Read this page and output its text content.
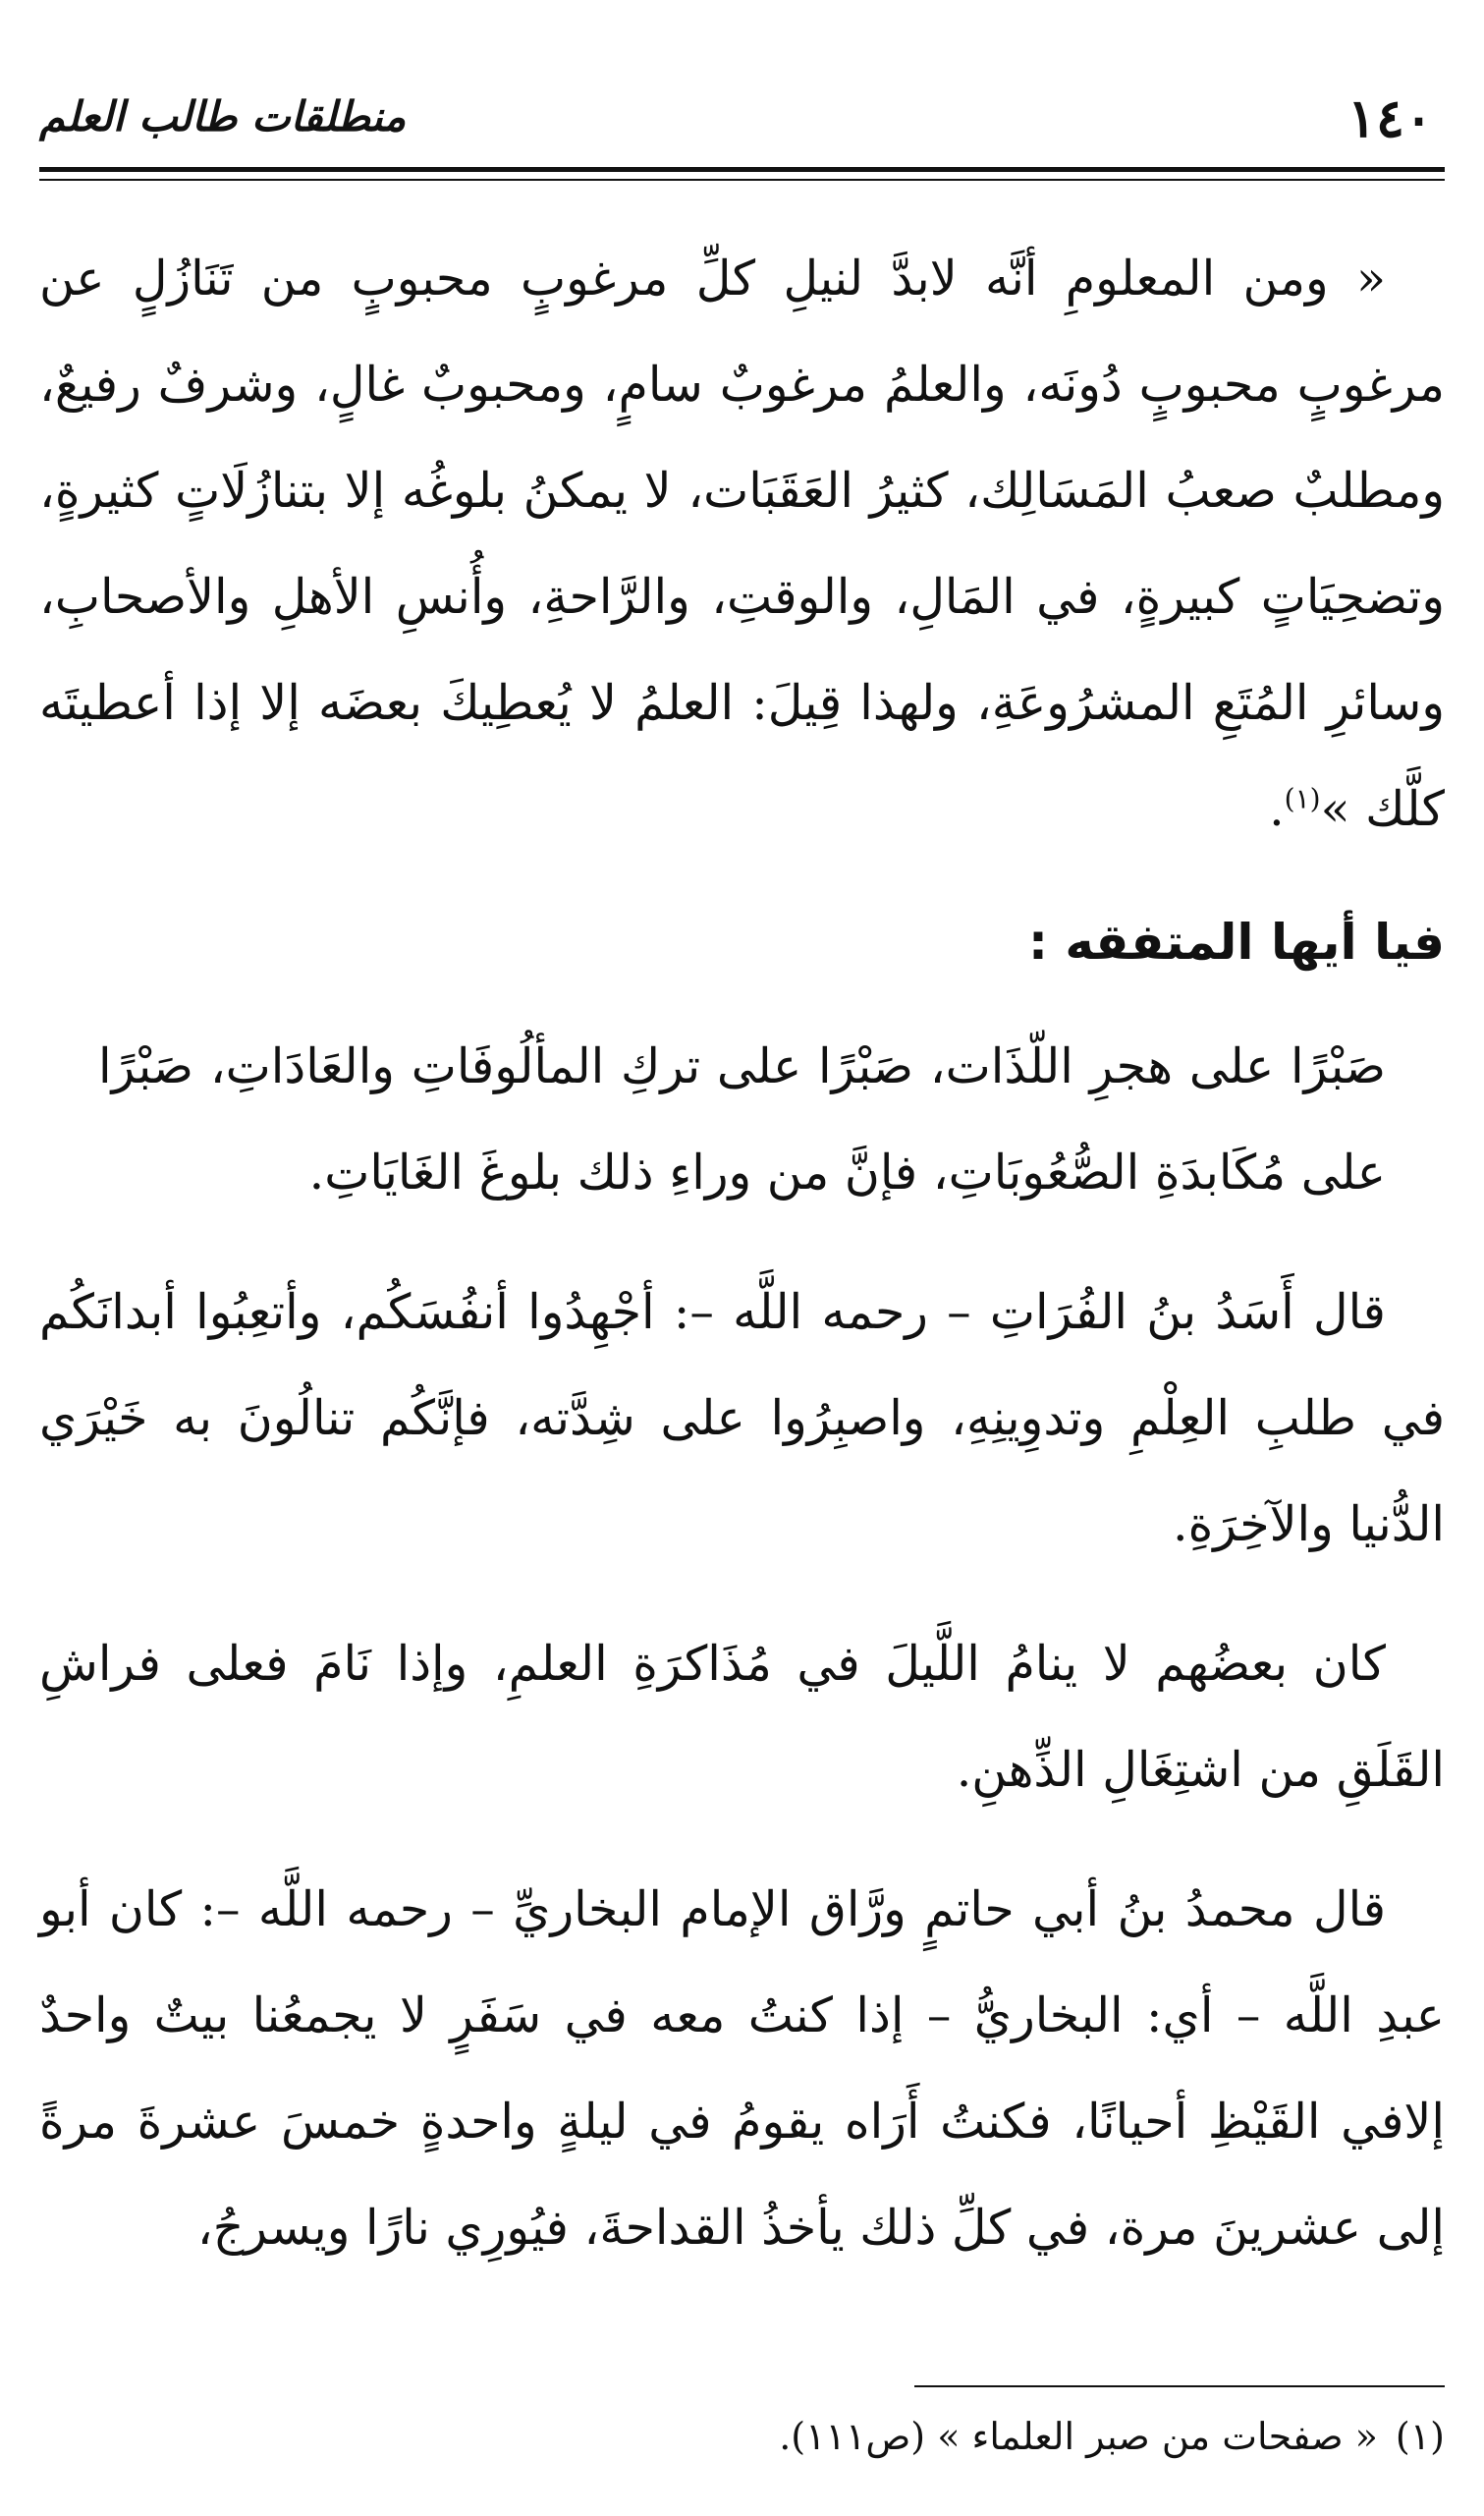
١٤٠
منطلقات طالب العلم

« ومن المعلومِ أنَّه لابدَّ لنيلِ كلِّ مرغوبٍ محبوبٍ من تَنَازُلٍ عن مرغوبٍ محبوبٍ دُونَه، والعلمُ مرغوبٌ سامٍ، ومحبوبٌ غالٍ، وشرفٌ رفيعٌ، ومطلبٌ صعبُ المَسَالِك، كثيرُ العَقَبَات، لا يمكنُ بلوغُه إلا بتنازُلَاتٍ كثيرةٍ، وتضحِيَاتٍ كبيرةٍ، في المَالِ، والوقتِ، والرَّاحةِ، وأُنسِ الأهلِ والأصحابِ، وسائرِ المُتَعِ المشرُوعَةِ، ولهذا قِيلَ: العلمُ لا يُعطِيكَ بعضَه إلا إذا أعطيتَه كلَّك »$^{(١)}$.

فيا أيها المتفقه :

صَبْرًا على هجرِ اللّذَات، صَبْرًا على تركِ المألُوفَاتِ والعَادَاتِ، صَبْرًا على مُكَابدَةِ الصُّعُوبَاتِ، فإنَّ من وراءِ ذلك بلوغَ الغَايَاتِ.

قال أَسَدُ بنُ الفُرَاتِ – رحمه اللَّه –: أجْهِدُوا أنفُسَكُم، وأتعِبُوا أبدانَكُم في طلبِ العِلْمِ وتدوِينِهِ، واصبِرُوا على شِدَّته، فإنَّكُم تنالُونَ به خَيْرَي الدُّنيا والآخِرَةِ.

كان بعضُهم لا ينامُ اللَّيلَ في مُذَاكرَةِ العلمِ، وإذا نَامَ فعلى فراشِ القَلَقِ من اشتِغَالِ الذِّهنِ.

قال محمدُ بنُ أبي حاتمٍ ورَّاق الإمام البخاريِّ – رحمه اللَّه –: كان أبو عبدِ اللَّه – أي: البخاريُّ – إذا كنتُ معه في سَفَرٍ لا يجمعُنا بيتٌ واحدٌ إلافي القَيْظِ أحيانًا، فكنتُ أَرَاه يقومُ في ليلةٍ واحدةٍ خمسَ عشرةَ مرةً إلى عشرينَ مرة، في كلِّ ذلك يأخذُ القداحةَ، فيُورِي نارًا ويسرجُ،

(١)« صفحات من صبر العلماء » (ص١١١).
